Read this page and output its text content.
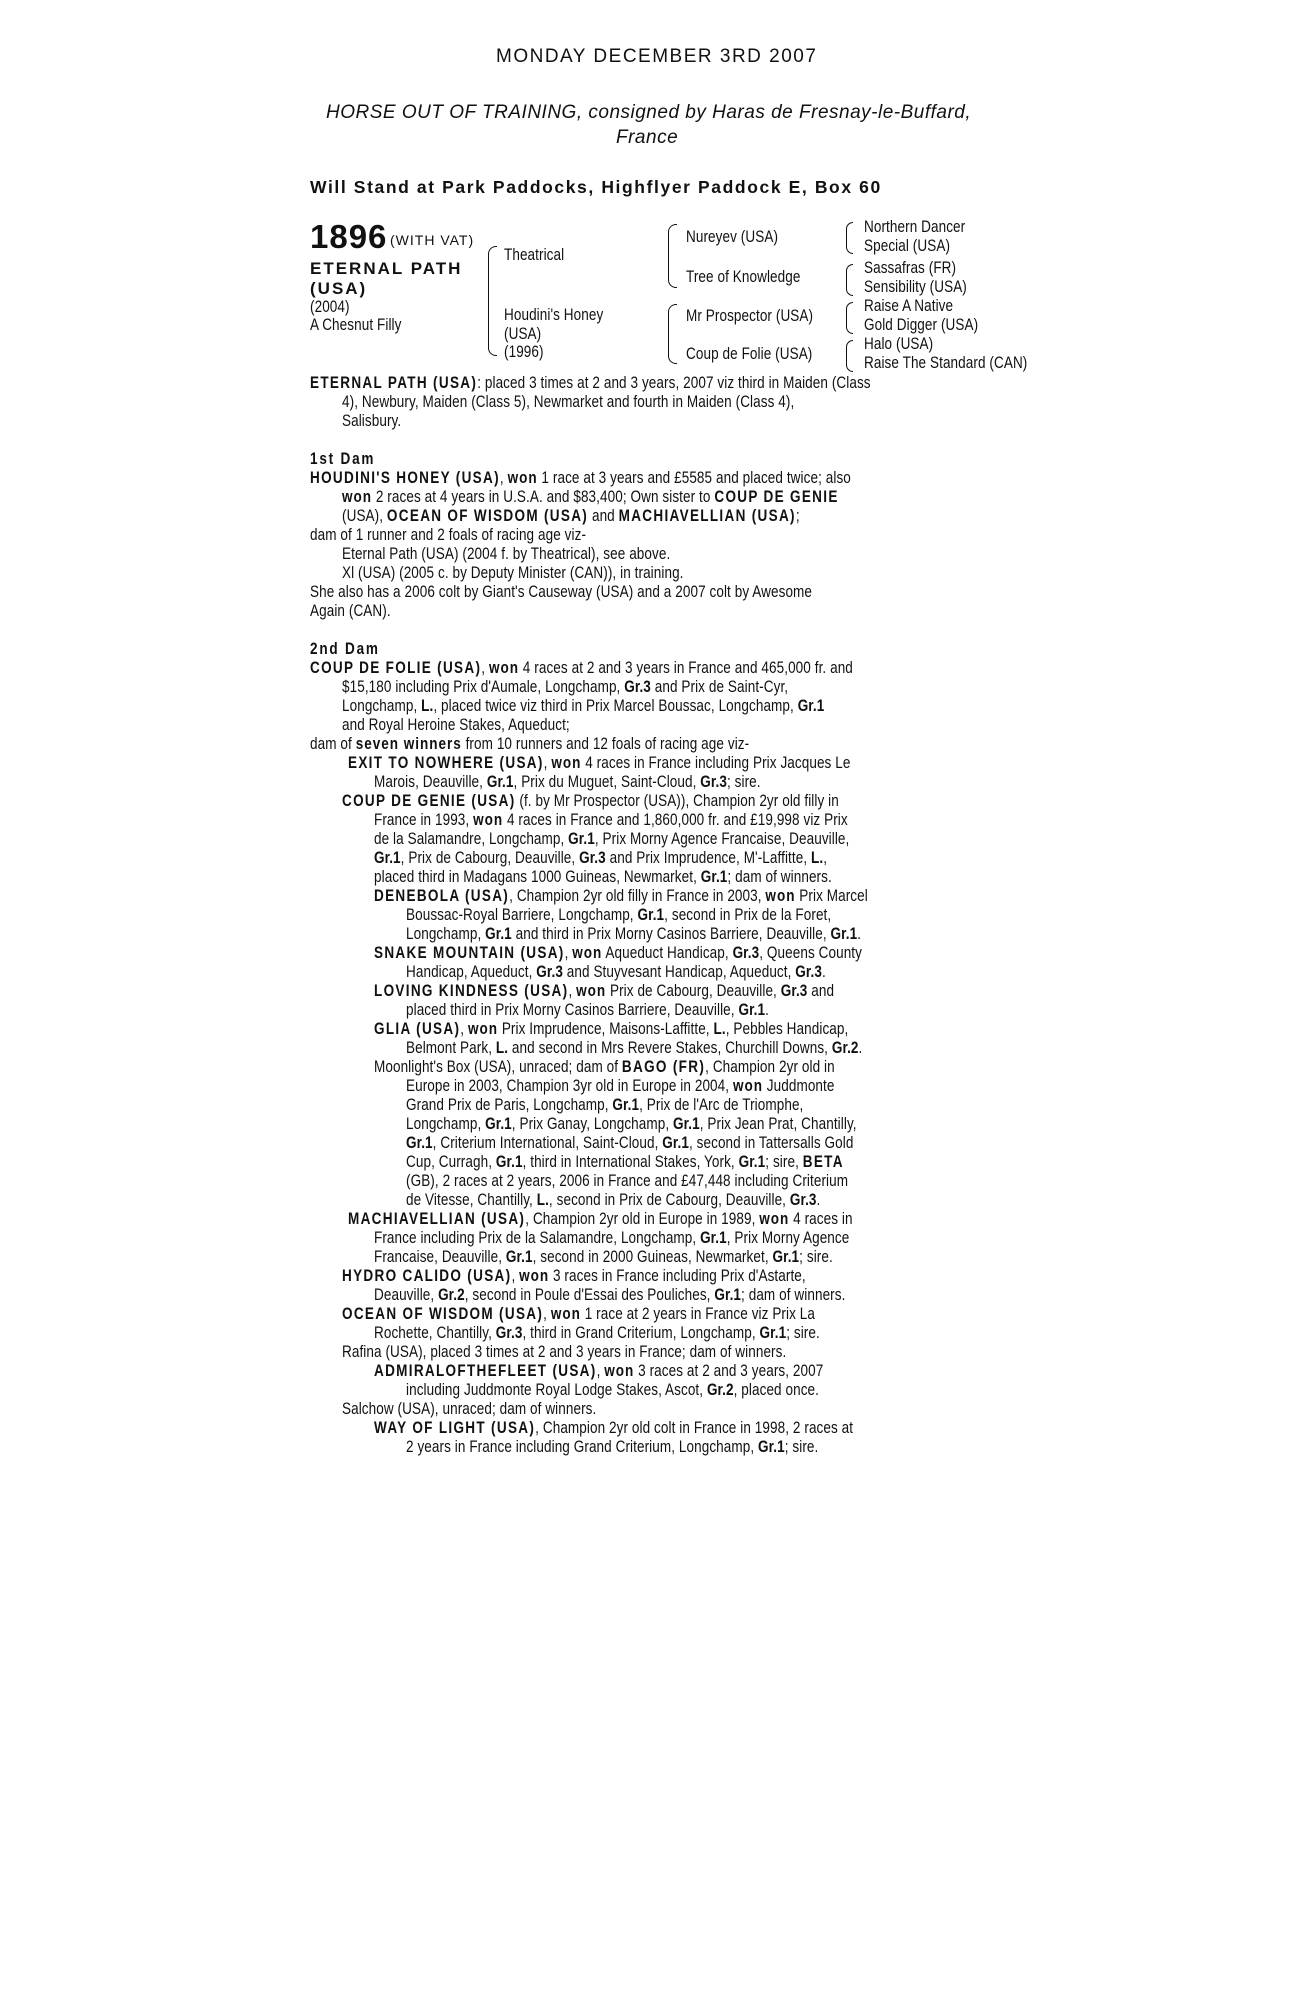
MONDAY DECEMBER 3RD 2007
HORSE OUT OF TRAINING, consigned by Haras de Fresnay-le-Buffard,
France
Will Stand at Park Paddocks, Highflyer Paddock E, Box 60
1896 (WITH VAT)
ETERNAL PATH
(USA)
(2004)
A Chesnut Filly
Theatrical
Houdini's Honey
(USA)
(1996)
Nureyev (USA)
Tree of Knowledge
Mr Prospector (USA)
Coup de Folie (USA)
Northern Dancer
Special (USA)
Sassafras (FR)
Sensibility (USA)
Raise A Native
Gold Digger (USA)
Halo (USA)
Raise The Standard (CAN)
ETERNAL PATH (USA): placed 3 times at 2 and 3 years, 2007 viz third in Maiden (Class
4), Newbury, Maiden (Class 5), Newmarket and fourth in Maiden (Class 4),
Salisbury.
1st Dam
HOUDINI'S HONEY (USA), won 1 race at 3 years and £5585 and placed twice; also
won 2 races at 4 years in U.S.A. and $83,400; Own sister to COUP DE GENIE
(USA), OCEAN OF WISDOM (USA) and MACHIAVELLIAN (USA);
dam of 1 runner and 2 foals of racing age viz-
Eternal Path (USA) (2004 f. by Theatrical), see above.
Xl (USA) (2005 c. by Deputy Minister (CAN)), in training.
She also has a 2006 colt by Giant's Causeway (USA) and a 2007 colt by Awesome
Again (CAN).
2nd Dam
COUP DE FOLIE (USA), won 4 races at 2 and 3 years in France and 465,000 fr. and
$15,180 including Prix d'Aumale, Longchamp, Gr.3 and Prix de Saint-Cyr,
Longchamp, L., placed twice viz third in Prix Marcel Boussac, Longchamp, Gr.1
and Royal Heroine Stakes, Aqueduct;
dam of seven winners from 10 runners and 12 foals of racing age viz-
EXIT TO NOWHERE (USA), won 4 races in France including Prix Jacques Le
Marois, Deauville, Gr.1, Prix du Muguet, Saint-Cloud, Gr.3; sire.
COUP DE GENIE (USA) (f. by Mr Prospector (USA)), Champion 2yr old filly in
France in 1993, won 4 races in France and 1,860,000 fr. and £19,998 viz Prix
de la Salamandre, Longchamp, Gr.1, Prix Morny Agence Francaise, Deauville,
Gr.1, Prix de Cabourg, Deauville, Gr.3 and Prix Imprudence, M'-Laffitte, L.,
placed third in Madagans 1000 Guineas, Newmarket, Gr.1; dam of winners.
DENEBOLA (USA), Champion 2yr old filly in France in 2003, won Prix Marcel
Boussac-Royal Barriere, Longchamp, Gr.1, second in Prix de la Foret,
Longchamp, Gr.1 and third in Prix Morny Casinos Barriere, Deauville, Gr.1.
SNAKE MOUNTAIN (USA), won Aqueduct Handicap, Gr.3, Queens County
Handicap, Aqueduct, Gr.3 and Stuyvesant Handicap, Aqueduct, Gr.3.
LOVING KINDNESS (USA), won Prix de Cabourg, Deauville, Gr.3 and
placed third in Prix Morny Casinos Barriere, Deauville, Gr.1.
GLIA (USA), won Prix Imprudence, Maisons-Laffitte, L., Pebbles Handicap,
Belmont Park, L. and second in Mrs Revere Stakes, Churchill Downs, Gr.2.
Moonlight's Box (USA), unraced; dam of BAGO (FR), Champion 2yr old in
Europe in 2003, Champion 3yr old in Europe in 2004, won Juddmonte
Grand Prix de Paris, Longchamp, Gr.1, Prix de l'Arc de Triomphe,
Longchamp, Gr.1, Prix Ganay, Longchamp, Gr.1, Prix Jean Prat, Chantilly,
Gr.1, Criterium International, Saint-Cloud, Gr.1, second in Tattersalls Gold
Cup, Curragh, Gr.1, third in International Stakes, York, Gr.1; sire, BETA
(GB), 2 races at 2 years, 2006 in France and £47,448 including Criterium
de Vitesse, Chantilly, L., second in Prix de Cabourg, Deauville, Gr.3.
MACHIAVELLIAN (USA), Champion 2yr old in Europe in 1989, won 4 races in
France including Prix de la Salamandre, Longchamp, Gr.1, Prix Morny Agence
Francaise, Deauville, Gr.1, second in 2000 Guineas, Newmarket, Gr.1; sire.
HYDRO CALIDO (USA), won 3 races in France including Prix d'Astarte,
Deauville, Gr.2, second in Poule d'Essai des Pouliches, Gr.1; dam of winners.
OCEAN OF WISDOM (USA), won 1 race at 2 years in France viz Prix La
Rochette, Chantilly, Gr.3, third in Grand Criterium, Longchamp, Gr.1; sire.
Rafina (USA), placed 3 times at 2 and 3 years in France; dam of winners.
ADMIRALOFTHEFLEET (USA), won 3 races at 2 and 3 years, 2007
including Juddmonte Royal Lodge Stakes, Ascot, Gr.2, placed once.
Salchow (USA), unraced; dam of winners.
WAY OF LIGHT (USA), Champion 2yr old colt in France in 1998, 2 races at
2 years in France including Grand Criterium, Longchamp, Gr.1; sire.
